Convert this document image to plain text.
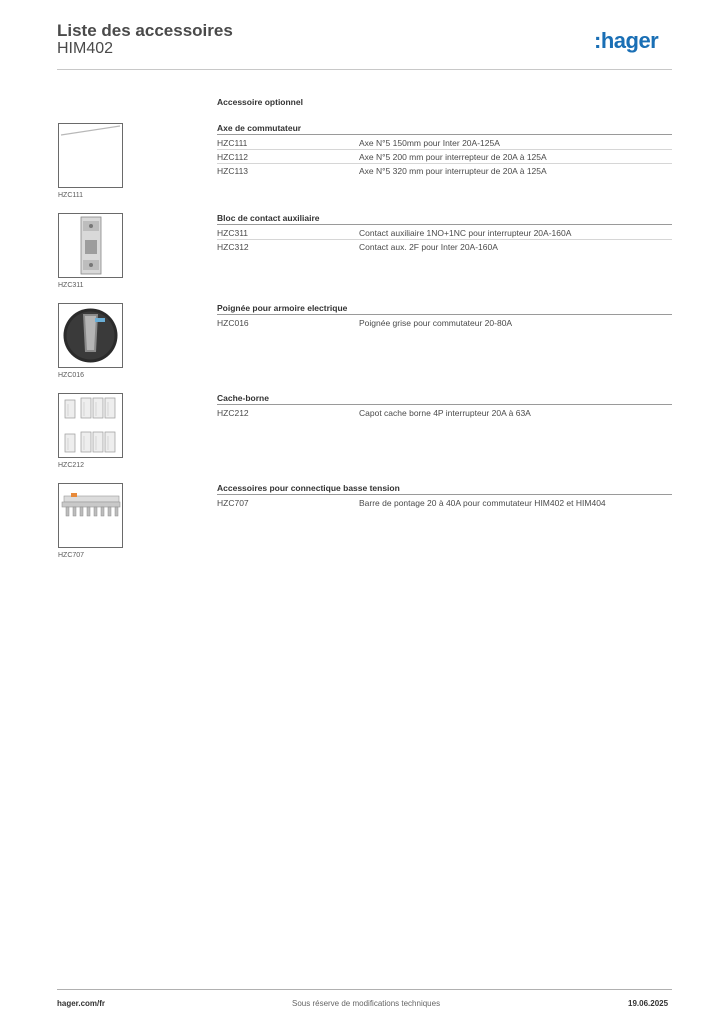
Liste des accessoires
HIM402	:hager
Accessoire optionnel
HZC111
Axe de commutateur
HZC111	Axe N°5 150mm pour Inter 20A-125A
HZC112	Axe N°5 200 mm pour interrepteur de 20A à 125A
HZC113	Axe N°5 320 mm pour interrupteur de 20A à 125A
HZC311
Bloc de contact auxiliaire
HZC311	Contact auxiliaire 1NO+1NC pour interrupteur 20A-160A
HZC312	Contact aux. 2F pour Inter 20A-160A
HZC016
Poignée pour armoire electrique
HZC016	Poignée grise pour commutateur 20-80A
HZC212
Cache-borne
HZC212	Capot cache borne 4P interrupteur 20A à 63A
HZC707
Accessoires pour connectique basse tension
HZC707	Barre de pontage 20 à 40A pour commutateur HIM402 et HIM404
hager.com/fr	Sous réserve de modifications techniques	19.06.2025
